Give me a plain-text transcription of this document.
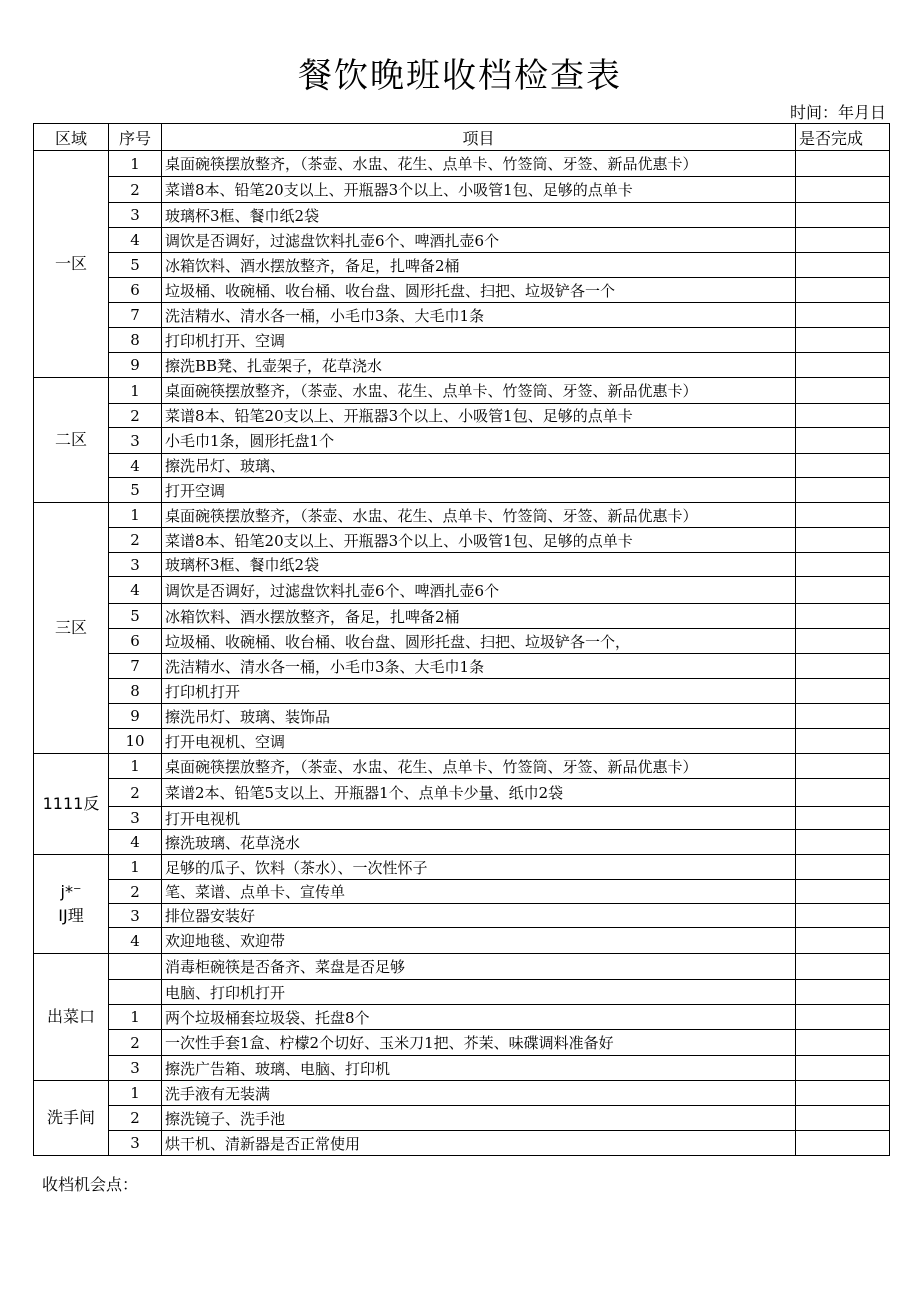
餐饮晚班收档检查表
时间：年月日
区域	序号	项目	是否完成
一区	1	桌面碗筷摆放整齐，（茶壶、水盅、花生、点单卡、竹签筒、牙签、新品优惠卡）	
	2	菜谱8本、铅笔20支以上、开瓶器3个以上、小吸管1包、足够的点单卡	
	3	玻璃杯3框、餐巾纸2袋	
	4	调饮是否调好，过滤盘饮料扎壶6个、啤酒扎壶6个	
	5	冰箱饮料、酒水摆放整齐，备足，扎啤备2桶	
	6	垃圾桶、收碗桶、收台桶、收台盘、圆形托盘、扫把、垃圾铲各一个	
	7	洗洁精水、清水各一桶，小毛巾3条、大毛巾1条	
	8	打印机打开、空调	
	9	擦洗BB凳、扎壶架子，花草浇水	
二区	1	桌面碗筷摆放整齐，（茶壶、水盅、花生、点单卡、竹签筒、牙签、新品优惠卡）	
	2	菜谱8本、铅笔20支以上、开瓶器3个以上、小吸管1包、足够的点单卡	
	3	小毛巾1条，圆形托盘1个	
	4	擦洗吊灯、玻璃、	
	5	打开空调	
三区	1	桌面碗筷摆放整齐，（茶壶、水盅、花生、点单卡、竹签筒、牙签、新品优惠卡）	
	2	菜谱8本、铅笔20支以上、开瓶器3个以上、小吸管1包、足够的点单卡	
	3	玻璃杯3框、餐巾纸2袋	
	4	调饮是否调好，过滤盘饮料扎壶6个、啤酒扎壶6个	
	5	冰箱饮料、酒水摆放整齐，备足，扎啤备2桶	
	6	垃圾桶、收碗桶、收台桶、收台盘、圆形托盘、扫把、垃圾铲各一个，	
	7	洗洁精水、清水各一桶，小毛巾3条、大毛巾1条	
	8	打印机打开	
	9	擦洗吊灯、玻璃、装饰品	
	10	打开电视机、空调	
1111反	1	桌面碗筷摆放整齐，（茶壶、水盅、花生、点单卡、竹签筒、牙签、新品优惠卡）	
	2	菜谱2本、铅笔5支以上、开瓶器1个、点单卡少量、纸巾2袋	
	3	打开电视机	
	4	擦洗玻璃、花草浇水	
j*⁻
IJ理	1	足够的瓜子、饮料（茶水）、一次性怀子	
	2	笔、菜谱、点单卡、宣传单	
	3	排位器安装好	
	4	欢迎地毯、欢迎带	
出菜口		消毒柜碗筷是否备齐、菜盘是否足够	
		电脑、打印机打开	
	1	两个垃圾桶套垃圾袋、托盘8个	
	2	一次性手套1盒、柠檬2个切好、玉米刀1把、芥茉、味碟调料准备好	
	3	擦洗广告箱、玻璃、电脑、打印机	
洗手间	1	洗手液有无装满	
	2	擦洗镜子、洗手池	
	3	烘干机、清新器是否正常使用	
收档机会点：
